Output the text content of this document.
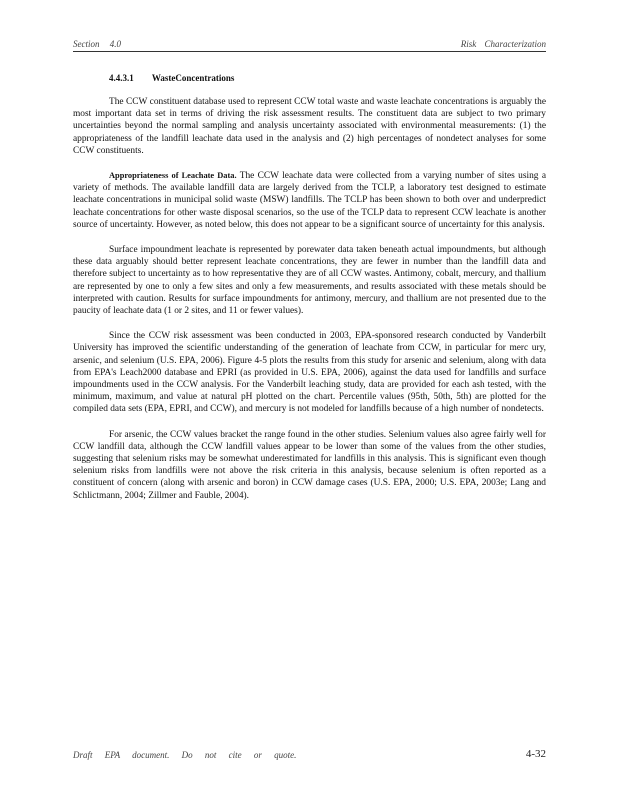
Section 4.0	Risk Characterization
4.4.3.1 WasteConcentrations

The CCW constituent database used to represent CCW total waste and waste leachate concentrations is arguably the most important data set in terms of driving the risk assessment results. The constituent data are subject to two primary uncertainties beyond the normal sampling and analysis uncertainty associated with environmental measurements: (1) the appropriateness of the landfill leachate data used in the analysis and (2) high percentages of nondetect analyses for some CCW constituents.

Appropriateness of Leachate Data. The CCW leachate data were collected from a varying number of sites using a variety of methods. The available landfill data are largely derived from the TCLP, a laboratory test designed to estimate leachate concentrations in municipal solid waste (MSW) landfills. The TCLP has been shown to both over and underpredict leachate concentrations for other waste disposal scenarios, so the use of the TCLP data to represent CCW leachate is another source of uncertainty. However, as noted below, this does not appear to be a significant source of uncertainty for this analysis.

Surface impoundment leachate is represented by porewater data taken beneath actual impoundments, but although these data arguably should better represent leachate concentrations, they are fewer in number than the landfill data and therefore subject to uncertainty as to how representative they are of all CCW wastes. Antimony, cobalt, mercury, and thallium are represented by one to only a few sites and only a few measurements, and results associated with these metals should be interpreted with caution. Results for surface impoundments for antimony, mercury, and thallium are not presented due to the paucity of leachate data (1 or 2 sites, and 11 or fewer values).

Since the CCW risk assessment was been conducted in 2003, EPA-sponsored research conducted by Vanderbilt University has improved the scientific understanding of the generation of leachate from CCW, in particular for merc ury, arsenic, and selenium (U.S. EPA, 2006). Figure 4-5 plots the results from this study for arsenic and selenium, along with data from EPA's Leach2000 database and EPRI (as provided in U.S. EPA, 2006), against the data used for landfills and surface impoundments used in the CCW analysis. For the Vanderbilt leaching study, data are provided for each ash tested, with the minimum, maximum, and value at natural pH plotted on the chart. Percentile values (95th, 50th, 5th) are plotted for the compiled data sets (EPA, EPRI, and CCW), and mercury is not modeled for landfills because of a high number of nondetects.

For arsenic, the CCW values bracket the range found in the other studies. Selenium values also agree fairly well for CCW landfill data, although the CCW landfill values appear to be lower than some of the values from the other studies, suggesting that selenium risks may be somewhat underestimated for landfills in this analysis. This is significant even though selenium risks from landfills were not above the risk criteria in this analysis, because selenium is often reported as a constituent of concern (along with arsenic and boron) in CCW damage cases (U.S. EPA, 2000; U.S. EPA, 2003e; Lang and Schlictmann, 2004; Zillmer and Fauble, 2004).

Draft EPA document. Do not cite or quote.	4-32
